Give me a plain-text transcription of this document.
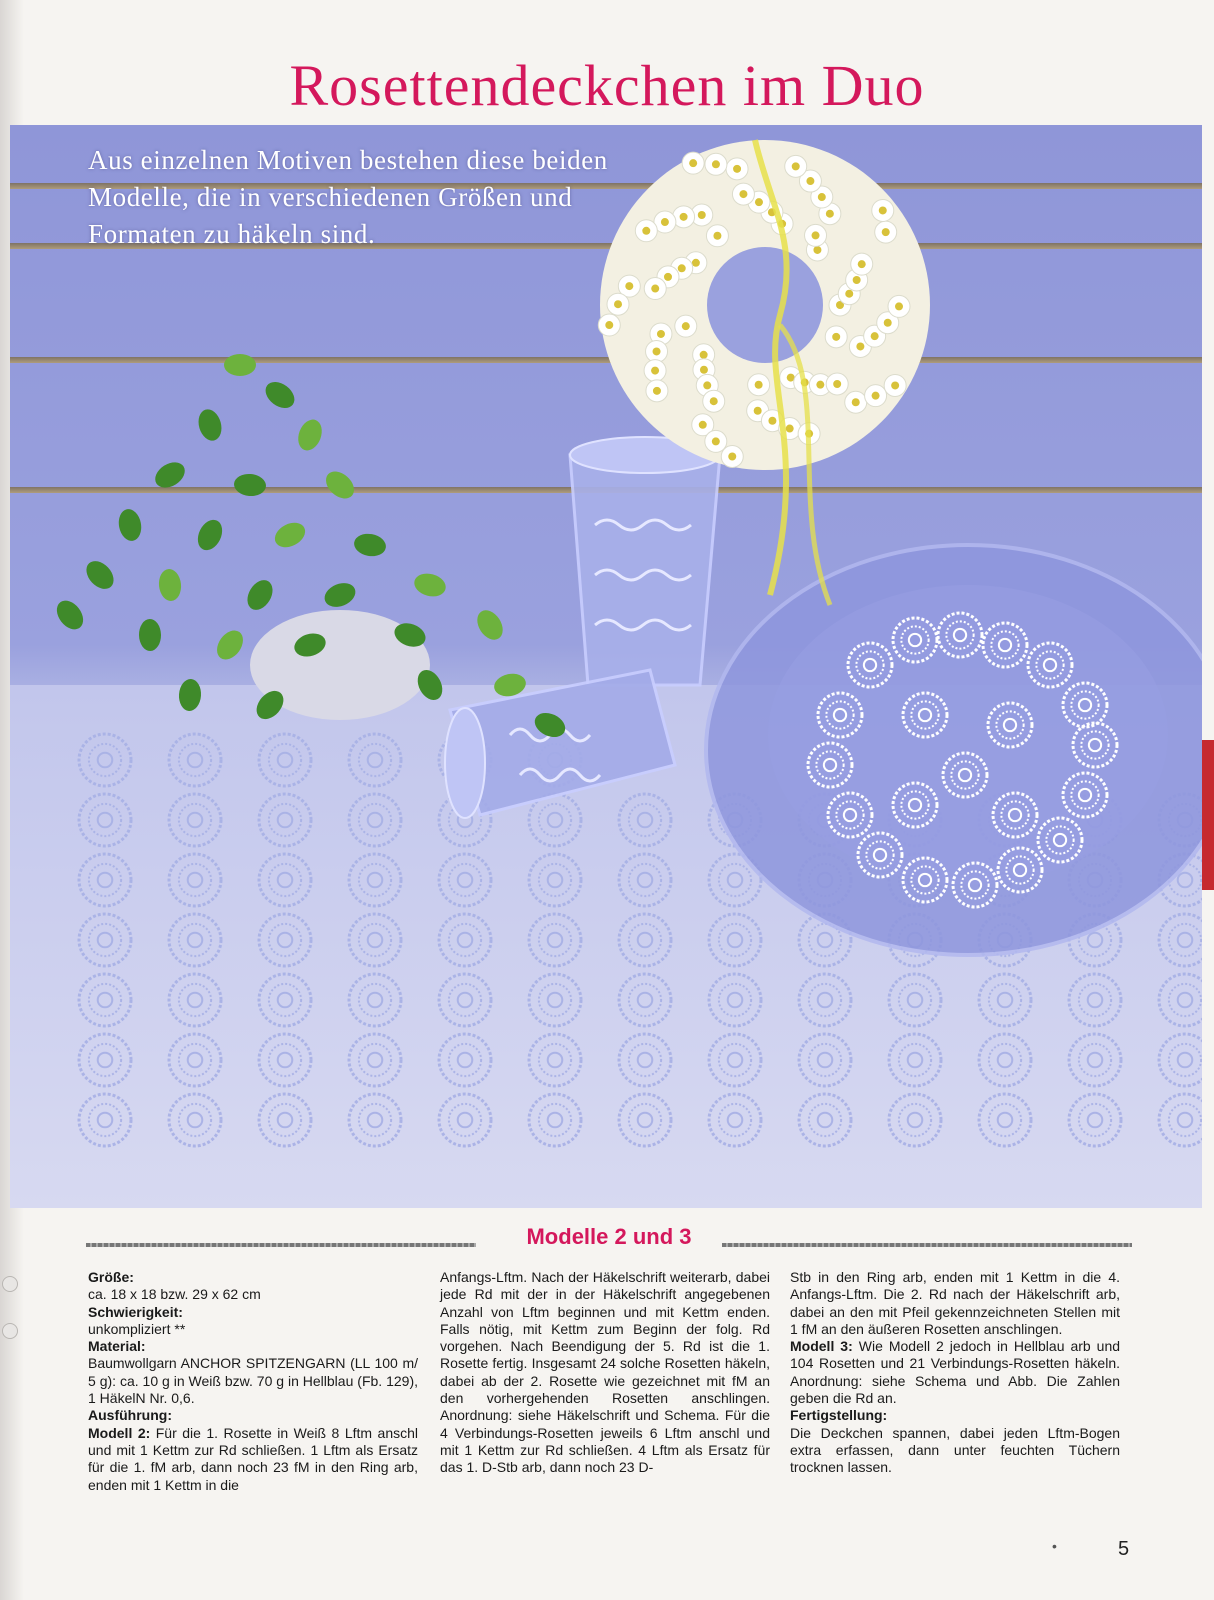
Rosettendeckchen im Duo

Aus einzelnen Motiven bestehen diese beiden Modelle, die in verschiedenen Größen und Formaten zu häkeln sind.

Modelle 2 und 3

Größe:

ca. 18 x 18 bzw. 29 x 62 cm

Schwierigkeit:

unkompliziert **

Material:

Baumwollgarn ANCHOR SPITZENGARN (LL 100 m/ 5 g): ca. 10 g in Weiß bzw. 70 g in Hellblau (Fb. 129), 1 HäkelN Nr. 0,6.

Ausführung:

Modell 2: Für die 1. Rosette in Weiß 8 Lftm anschl und mit 1 Kettm zur Rd schließen. 1 Lftm als Ersatz für die 1. fM arb, dann noch 23 fM in den Ring arb, enden mit 1 Kettm in die

Anfangs-Lftm. Nach der Häkelschrift weiterarb, dabei jede Rd mit der in der Häkelschrift angegebenen Anzahl von Lftm beginnen und mit Kettm enden. Falls nötig, mit Kettm zum Beginn der folg. Rd vorgehen. Nach Beendigung der 5. Rd ist die 1. Rosette fertig. Insgesamt 24 solche Rosetten häkeln, dabei ab der 2. Rosette wie gezeichnet mit fM an den vorhergehenden Rosetten anschlingen. Anordnung: siehe Häkelschrift und Schema. Für die 4 Verbindungs-Rosetten jeweils 6 Lftm anschl und mit 1 Kettm zur Rd schließen. 4 Lftm als Ersatz für das 1. D-Stb arb, dann noch 23 D-

Stb in den Ring arb, enden mit 1 Kettm in die 4. Anfangs-Lftm. Die 2. Rd nach der Häkelschrift arb, dabei an den mit Pfeil gekennzeichneten Stellen mit 1 fM an den äußeren Rosetten anschlingen.

Modell 3: Wie Modell 2 jedoch in Hellblau arb und 104 Rosetten und 21 Verbindungs-Rosetten häkeln. Anordnung: siehe Schema und Abb. Die Zahlen geben die Rd an.

Fertigstellung:

Die Deckchen spannen, dabei jeden Lftm-Bogen extra erfassen, dann unter feuchten Tüchern trocknen lassen.

•	5
